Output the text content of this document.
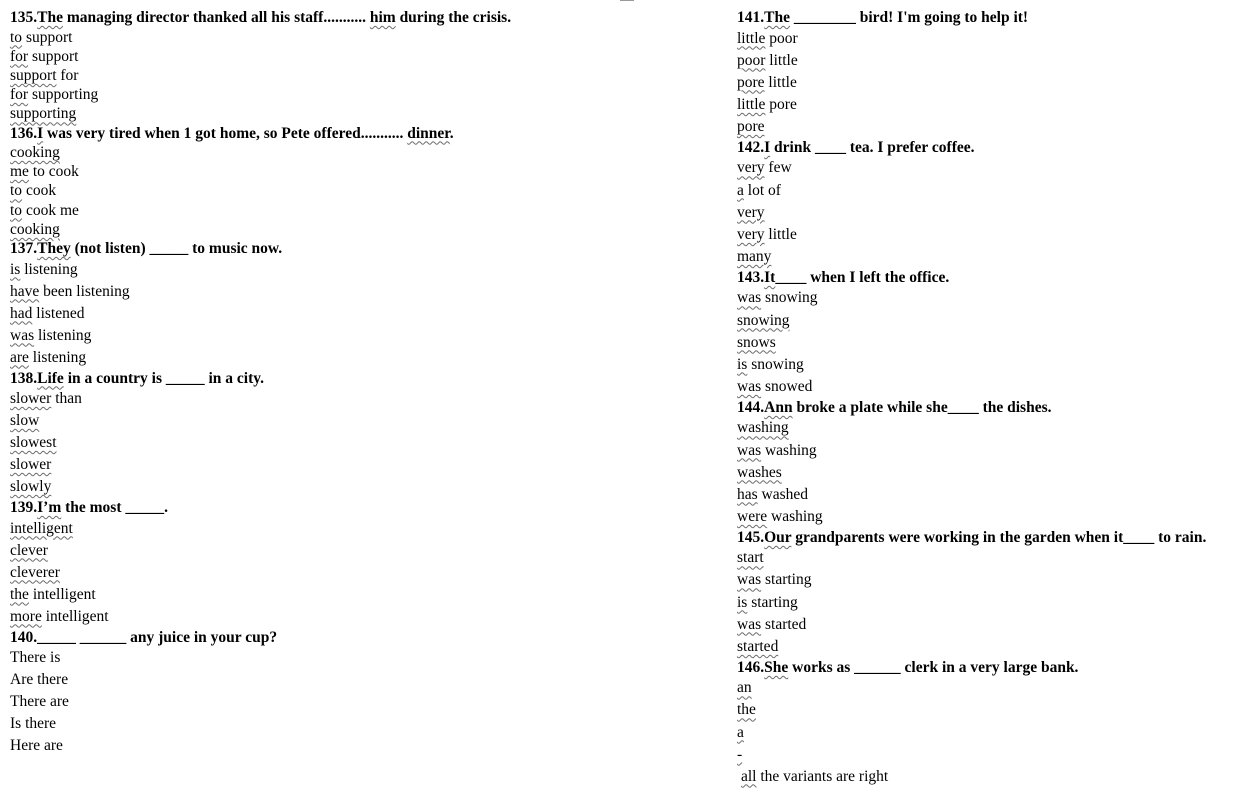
135.The managing director thanked all his staff........... him during the crisis.
to support
for support
support for
for supporting
supporting
136.I was very tired when 1 got home, so Pete offered........... dinner.
cooking
me to cook
to cook
to cook me
cooking
137.They (not listen) _____ to music now.
is listening
have been listening
had listened
was listening
are listening
138.Life in a country is _____ in a city.
slower than
slow
slowest
slower
slowly
139.I’m the most _____.
intelligent
clever
cleverer
the intelligent
more intelligent
140._____ ______ any juice in your cup?
There is
Are there
There are
Is there
Here are
141.The ________ bird! I'm going to help it!
little poor
poor little
pore little
little pore
pore
142.I drink ____ tea. I prefer coffee.
very few
a lot of
very
very little
many
143.It____ when I left the office.
was snowing
snowing
snows
is snowing
was snowed
144.Ann broke a plate while she____ the dishes.
washing
was washing
washes
has washed
were washing
145.Our grandparents were working in the garden when it____ to rain.
start
was starting
is starting
was started
started
146.She works as ______ clerk in a very large bank.
an
the
a
-
all the variants are right
